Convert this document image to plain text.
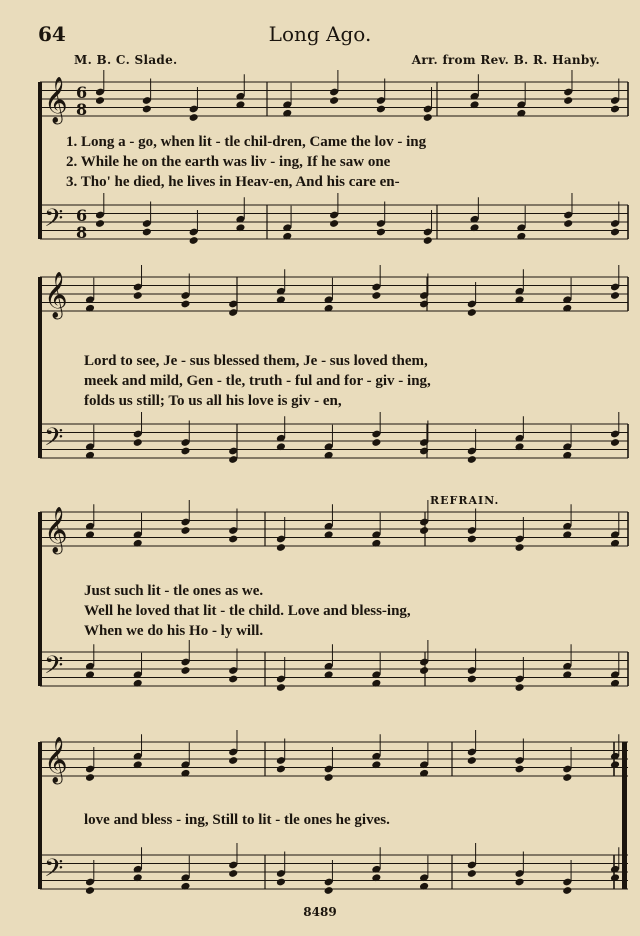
64	Long Ago.
M. B. C. Slade.	Arr. from Rev. B. R. Hanby.
𝄞 6
8
𝄢 6
8
𝄞
𝄢
𝄞
𝄢
𝄞
𝄢
REFRAIN.
1. Long a - go, when lit - tle chil-dren, Came the lov - ing
2. While he on the earth was liv - ing, If he saw one
3. Tho' he died, he lives in Heav-en, And his care en-
Lord to see, Je - sus blessed them, Je - sus loved them,
meek and mild, Gen - tle, truth - ful and for - giv - ing,
folds us still; To us all his love is giv - en,
Just such lit - tle ones as we.
Well he loved that lit - tle child. Love and bless-ing,
When we do his Ho - ly will.
love and bless - ing, Still to lit - tle ones he gives.
8489
